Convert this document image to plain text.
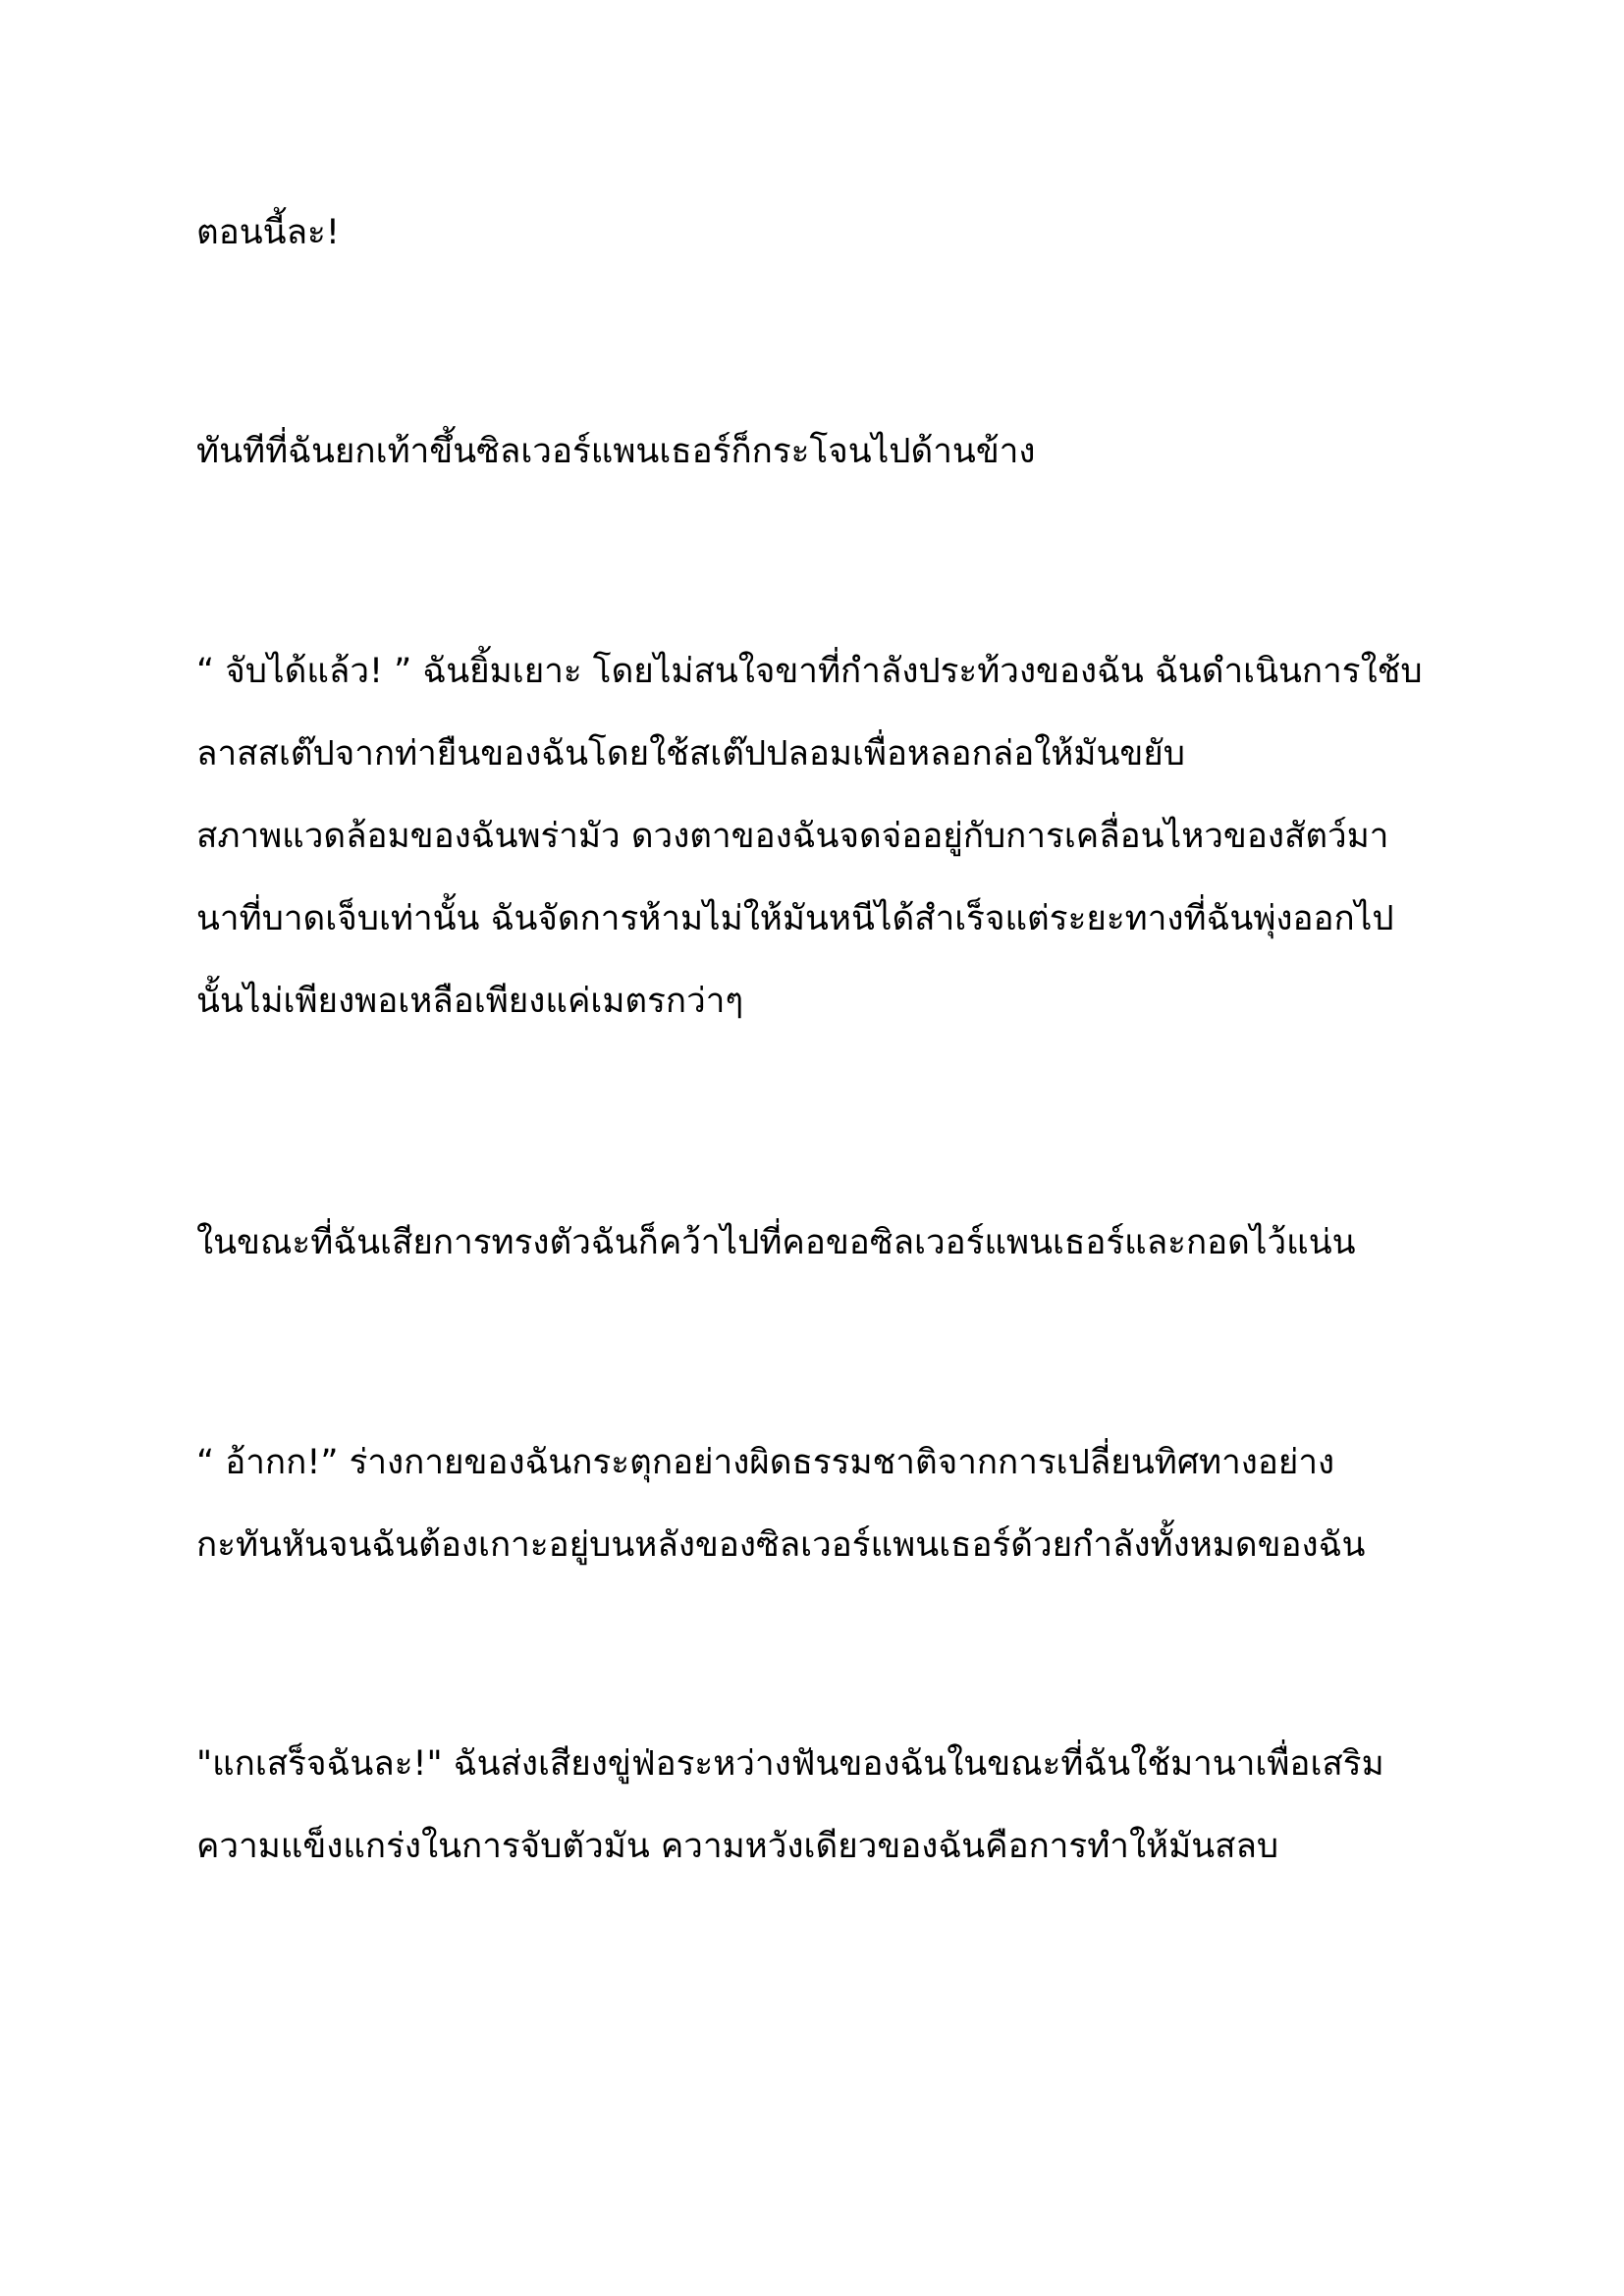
ตอนนี้ละ!
ทันทีที่ฉันยกเท้าขึ้นซิลเวอร์แพนเธอร์ก็กระโจนไปด้านข้าง
“ จับได้แล้ว! ” ฉันยิ้มเยาะ โดยไม่สนใจขาที่กำลังประท้วงของฉัน ฉันดำเนินการใช้บ
ลาสสเต๊ปจากท่ายืนของฉันโดยใช้สเต๊ปปลอมเพื่อหลอกล่อให้มันขยับ
สภาพแวดล้อมของฉันพร่ามัว ดวงตาของฉันจดจ่ออยู่กับการเคลื่อนไหวของสัตว์มา
นาที่บาดเจ็บเท่านั้น ฉันจัดการห้ามไม่ให้มันหนีได้สำเร็จแต่ระยะทางที่ฉันพุ่งออกไป
นั้นไม่เพียงพอเหลือเพียงแค่เมตรกว่าๆ
ในขณะที่ฉันเสียการทรงตัวฉันก็คว้าไปที่คอขอซิลเวอร์แพนเธอร์และกอดไว้แน่น
“ อ้ากก!” ร่างกายของฉันกระตุกอย่างผิดธรรมชาติจากการเปลี่ยนทิศทางอย่าง
กะทันหันจนฉันต้องเกาะอยู่บนหลังของซิลเวอร์แพนเธอร์ด้วยกำลังทั้งหมดของฉัน
"แกเสร็จฉันละ!" ฉันส่งเสียงขู่ฟ่อระหว่างฟันของฉันในขณะที่ฉันใช้มานาเพื่อเสริม
ความแข็งแกร่งในการจับตัวมัน ความหวังเดียวของฉันคือการทำให้มันสลบ
